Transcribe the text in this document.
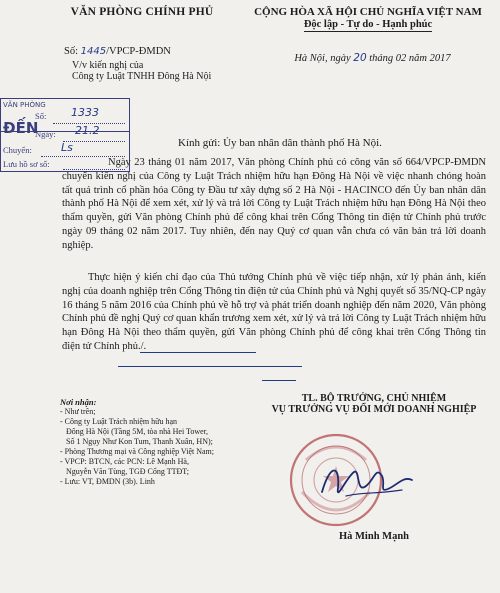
VĂN PHÒNG CHÍNH PHỦ	CỘNG HÒA XÃ HỘI CHỦ NGHĨA VIỆT NAM
Độc lập - Tự do - Hạnh phúc
Số: 1445/VPCP-ĐMDN
V/v kiến nghị của
Công ty Luật TNHH Đông Hà Nội
Hà Nội, ngày 20 tháng 02 năm 2017
VĂN PHÒNG
ĐẾN
Số: 1333
Ngày: 21.2
Chuyển:	Ls
Lưu hồ sơ số:
Kính gửi: Ủy ban nhân dân thành phố Hà Nội.
Ngày 23 tháng 01 năm 2017, Văn phòng Chính phủ có công văn số 664/VPCP-ĐMDN chuyển kiến nghị của Công ty Luật Trách nhiệm hữu hạn Đông Hà Nội về việc nhanh chóng hoàn tất quá trình cổ phần hóa Công ty Đầu tư xây dựng số 2 Hà Nội - HACINCO đến Ủy ban nhân dân thành phố Hà Nội để xem xét, xử lý và trả lời Công ty Luật Trách nhiệm hữu hạn Đông Hà Nội theo thẩm quyền, gửi Văn phòng Chính phủ để công khai trên Cổng Thông tin điện tử Chính phủ trước ngày 09 tháng 02 năm 2017. Tuy nhiên, đến nay Quý cơ quan vẫn chưa có văn bản trả lời doanh nghiệp.
Thực hiện ý kiến chỉ đạo của Thủ tướng Chính phủ về việc tiếp nhận, xử lý phản ánh, kiến nghị của doanh nghiệp trên Cổng Thông tin điện tử của Chính phủ và Nghị quyết số 35/NQ-CP ngày 16 tháng 5 năm 2016 của Chính phủ về hỗ trợ và phát triển doanh nghiệp đến năm 2020, Văn phòng Chính phủ đề nghị Quý cơ quan khẩn trương xem xét, xử lý và trả lời Công ty Luật Trách nhiệm hữu hạn Đông Hà Nội theo thẩm quyền, gửi Văn phòng Chính phủ để công khai trên Cổng Thông tin điện tử Chính phủ./.
Nơi nhận:
- Như trên;
- Công ty Luật Trách nhiệm hữu hạn
Đông Hà Nội (Tầng 5M, tòa nhà Hei Tower,
Số 1 Ngụy Như Kon Tum, Thanh Xuân, HN);
- Phòng Thương mại và Công nghiệp Việt Nam;
- VPCP: BTCN, các PCN: Lê Mạnh Hà,
Nguyễn Văn Tùng, TGĐ Cổng TTĐT;
- Lưu: VT, ĐMDN (3b). Linh
TL. BỘ TRƯỞNG, CHỦ NHIỆM
VỤ TRƯỞNG VỤ ĐỔI MỚI DOANH NGHIỆP
Hà Minh Mạnh
